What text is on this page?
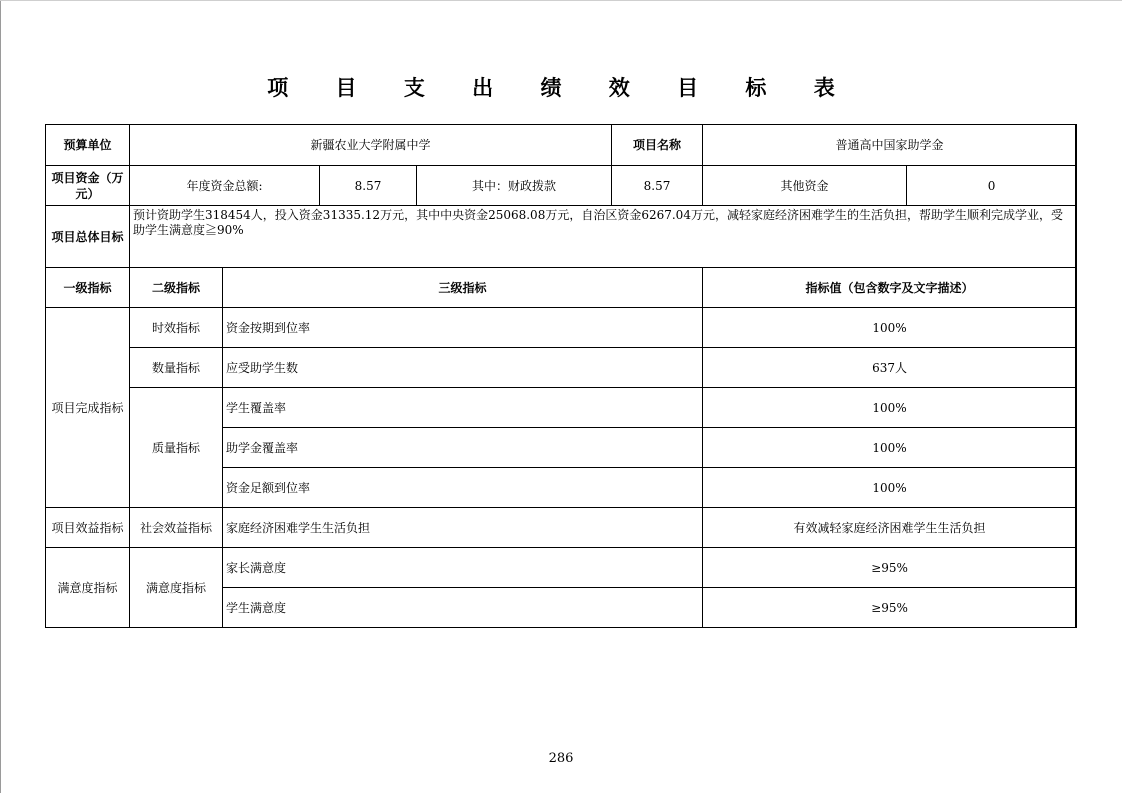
项 目 支 出 绩 效 目 标 表
预算单位	新疆农业大学附属中学				项目名称	普通高中国家助学金	
项目资金（万元）	年度资金总额:		8.57	其中：财政拨款	8.57	其他资金	0
项目总体目标	预计资助学生318454人，投入资金31335.12万元，其中中央资金25068.08万元，自治区资金6267.04万元，减轻家庭经济困难学生的生活负担，帮助学生顺利完成学业，受助学生满意度≧90%						
一级指标	二级指标	三级指标				指标值（包含数字及文字描述）	
项目完成指标	时效指标	资金按期到位率				100%	
	数量指标	应受助学生数				637人	
	质量指标	学生覆盖率				100%	
		助学金覆盖率				100%	
		资金足额到位率				100%	
项目效益指标	社会效益指标	家庭经济困难学生生活负担				有效减轻家庭经济困难学生生活负担	
满意度指标	满意度指标	家长满意度				≥95%	
		学生满意度				≥95%	
286
